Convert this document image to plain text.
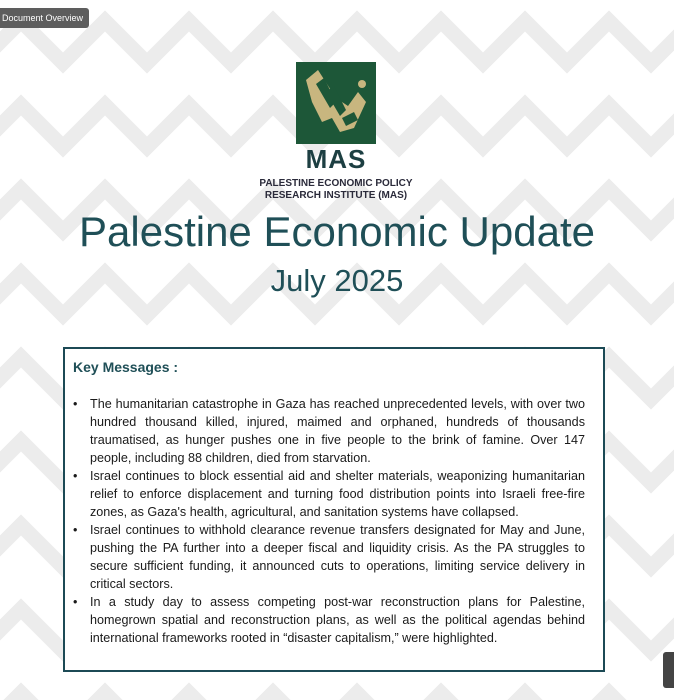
Document Overview
MAS
PALESTINE ECONOMIC POLICY
RESEARCH INSTITUTE (MAS)
Palestine Economic Update
July 2025
Key Messages :
• The humanitarian catastrophe in Gaza has reached unprecedented levels, with over two hundred thousand killed, injured, maimed and orphaned, hundreds of thousands traumatised, as hunger pushes one in five people to the brink of famine. Over 147 people, including 88 children, died from starvation.
• Israel continues to block essential aid and shelter materials, weaponizing humanitarian relief to enforce displacement and turning food distribution points into Israeli free-fire zones, as Gaza's health, agricultural, and sanitation systems have collapsed.
• Israel continues to withhold clearance revenue transfers designated for May and June, pushing the PA further into a deeper fiscal and liquidity crisis. As the PA struggles to secure sufficient funding, it announced cuts to operations, limiting service delivery in critical sectors.
• In a study day to assess competing post-war reconstruction plans for Palestine, homegrown spatial and reconstruction plans, as well as the political agendas behind international frameworks rooted in “disaster capitalism,” were highlighted.
